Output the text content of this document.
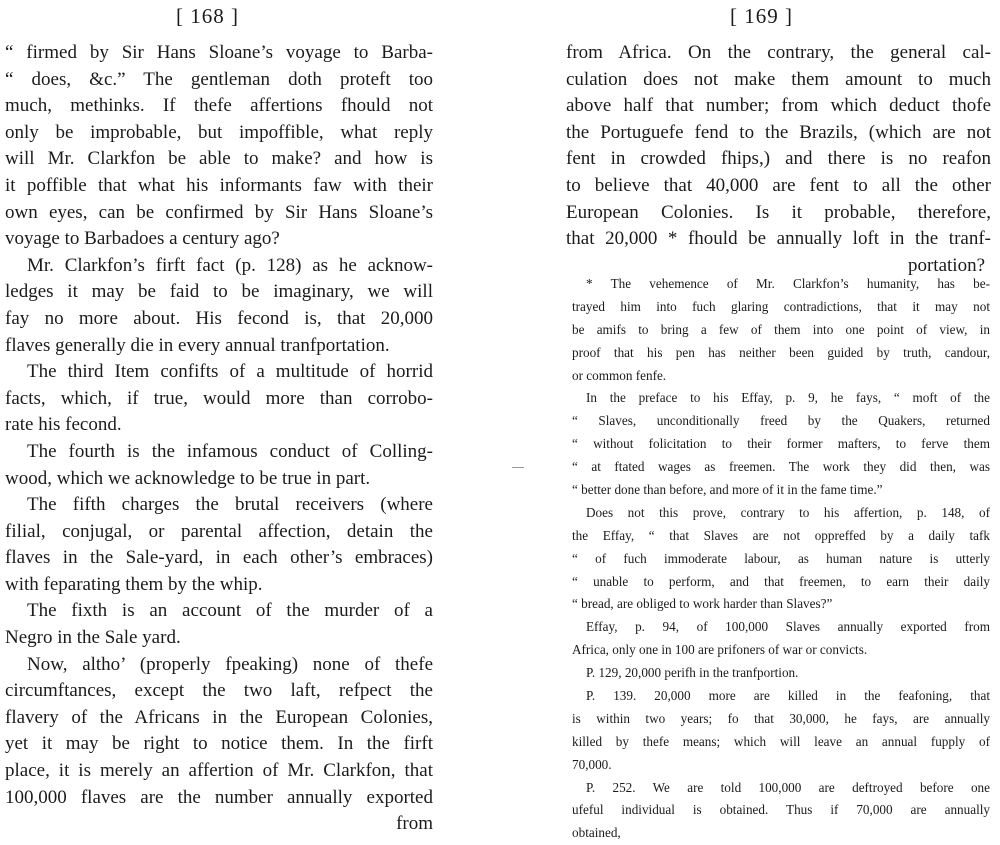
[ 168 ]
“ firmed by Sir Hans Sloane’s voyage to Barba-
“ does, &c.” The gentleman doth proteft too
much, methinks. If thefe affertions fhould not
only be improbable, but impoffible, what reply
will Mr. Clarkfon be able to make? and how is
it poffible that what his informants faw with their
own eyes, can be confirmed by Sir Hans Sloane’s
voyage to Barbadoes a century ago?
Mr. Clarkfon’s firft fact (p. 128) as he acknow-
ledges it may be faid to be imaginary, we will
fay no more about. His fecond is, that 20,000
flaves generally die in every annual tranfportation.
The third Item confifts of a multitude of horrid
facts, which, if true, would more than corrobo-
rate his fecond.
The fourth is the infamous conduct of Colling-
wood, which we acknowledge to be true in part.
The fifth charges the brutal receivers (where
filial, conjugal, or parental affection, detain the
flaves in the Sale-yard, in each other’s embraces)
with feparating them by the whip.
The fixth is an account of the murder of a
Negro in the Sale yard.
Now, altho’ (properly fpeaking) none of thefe
circumftances, except the two laft, refpect the
flavery of the Africans in the European Colonies,
yet it may be right to notice them. In the firft
place, it is merely an affertion of Mr. Clarkfon, that
100,000 flaves are the number annually exported
from
[ 169 ]
from Africa. On the contrary, the general cal-
culation does not make them amount to much
above half that number; from which deduct thofe
the Portuguefe fend to the Brazils, (which are not
fent in crowded fhips,) and there is no reafon
to believe that 40,000 are fent to all the other
European Colonies. Is it probable, therefore,
that 20,000 * fhould be annually loft in the tranf-
portation?
* The vehemence of Mr. Clarkfon’s humanity, has be-
trayed him into fuch glaring contradictions, that it may not
be amifs to bring a few of them into one point of view, in
proof that his pen has neither been guided by truth, candour,
or common fenfe.
In the preface to his Effay, p. 9, he fays, “ moft of the
“ Slaves, unconditionally freed by the Quakers, returned
“ without folicitation to their former mafters, to ferve them
“ at ftated wages as freemen. The work they did then, was
“ better done than before, and more of it in the fame time.”
Does not this prove, contrary to his affertion, p. 148, of
the Effay, “ that Slaves are not oppreffed by a daily tafk
“ of fuch immoderate labour, as human nature is utterly
“ unable to perform, and that freemen, to earn their daily
“ bread, are obliged to work harder than Slaves?”
Effay, p. 94, of 100,000 Slaves annually exported from
Africa, only one in 100 are prifoners of war or convicts.
P. 129, 20,000 perifh in the tranfportion.
P. 139. 20,000 more are killed in the feafoning, that
is within two years; fo that 30,000, he fays, are annually
killed by thefe means; which will leave an annual fupply of
70,000.
P. 252. We are told 100,000 are deftroyed before one
ufeful individual is obtained. Thus if 70,000 are annually
obtained,
